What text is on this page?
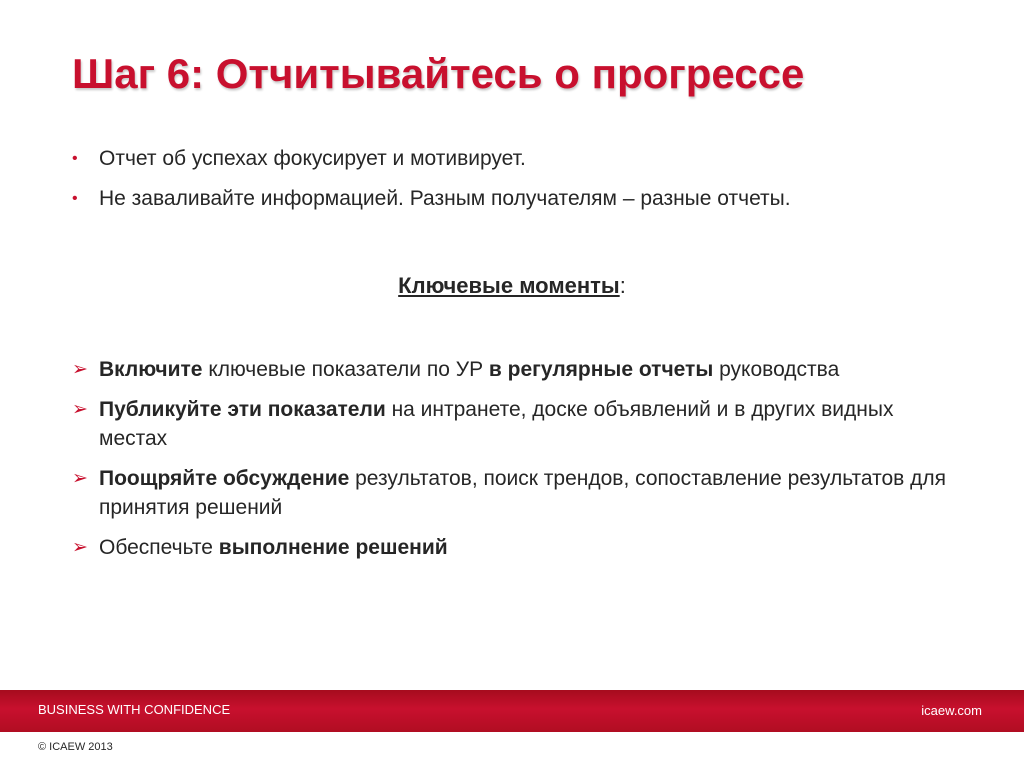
Шаг 6: Отчитывайтесь о прогрессе
• Отчет об успехах фокусирует и мотивирует.
• Не заваливайте информацией. Разным получателям – разные отчеты.
Ключевые моменты:
➢ Включите ключевые показатели по УР в регулярные отчеты руководства
➢ Публикуйте эти показатели на интранете, доске объявлений и в других видных местах
➢ Поощряйте обсуждение результатов, поиск трендов, сопоставление результатов для принятия решений
➢ Обеспечьте выполнение решений
BUSINESS WITH CONFIDENCE	icaew.com
© ICAEW 2013
